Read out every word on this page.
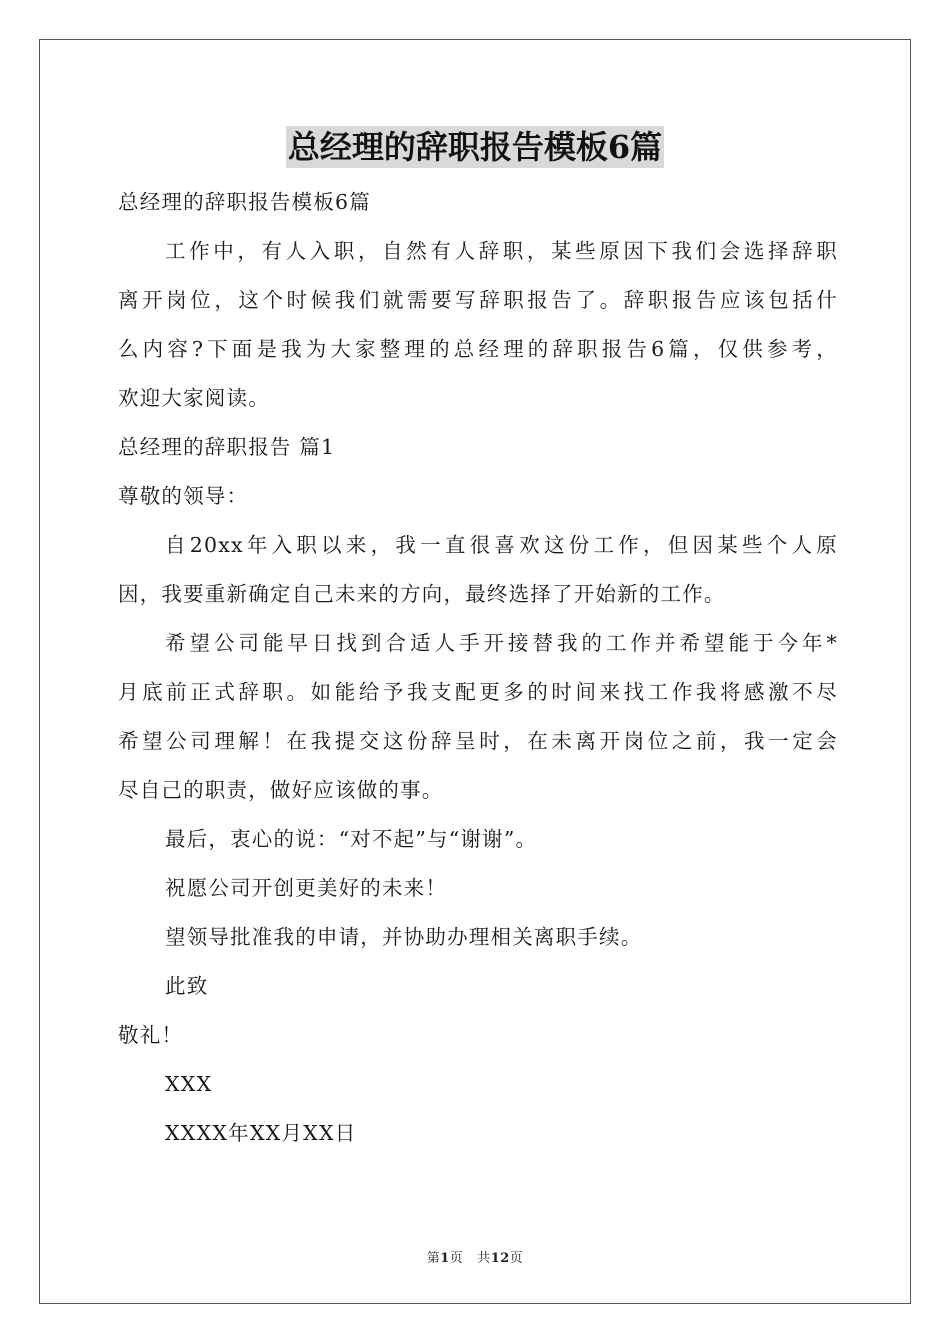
总经理的辞职报告模板6篇
总经理的辞职报告模板6篇
工作中，有人入职，自然有人辞职，某些原因下我们会选择辞职
离开岗位，这个时候我们就需要写辞职报告了。辞职报告应该包括什
么内容?下面是我为大家整理的总经理的辞职报告6篇，仅供参考，
欢迎大家阅读。
总经理的辞职报告 篇1
尊敬的领导：
自20xx年入职以来，我一直很喜欢这份工作，但因某些个人原
因，我要重新确定自己未来的方向，最终选择了开始新的工作。
希望公司能早日找到合适人手开接替我的工作并希望能于今年*
月底前正式辞职。如能给予我支配更多的时间来找工作我将感激不尽
希望公司理解！在我提交这份辞呈时，在未离开岗位之前，我一定会
尽自己的职责，做好应该做的事。
最后，衷心的说：“对不起”与“谢谢”。
祝愿公司开创更美好的未来！
望领导批准我的申请，并协助办理相关离职手续。
此致
敬礼！
XXX
XXXX年XX月XX日
第1页 共12页
